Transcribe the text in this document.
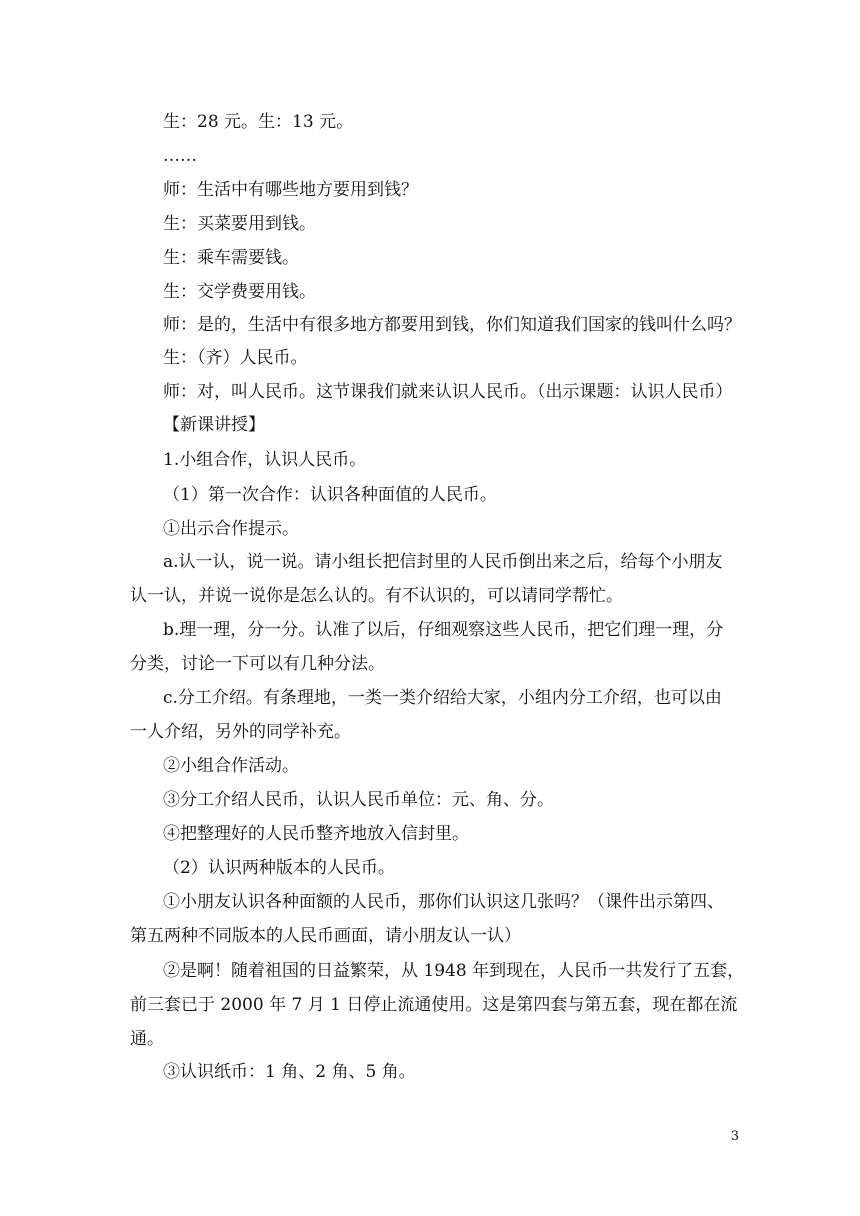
生：28 元。生：13 元。
……
师：生活中有哪些地方要用到钱？
生：买菜要用到钱。
生：乘车需要钱。
生：交学费要用钱。
师：是的，生活中有很多地方都要用到钱，你们知道我们国家的钱叫什么吗？
生：（齐）人民币。
师：对，叫人民币。这节课我们就来认识人民币。（出示课题：认识人民币）
【新课讲授】
1.小组合作，认识人民币。
（1）第一次合作：认识各种面值的人民币。
①出示合作提示。
a.认一认，说一说。请小组长把信封里的人民币倒出来之后，给每个小朋友
认一认，并说一说你是怎么认的。有不认识的，可以请同学帮忙。
b.理一理，分一分。认准了以后，仔细观察这些人民币，把它们理一理，分
分类，讨论一下可以有几种分法。
c.分工介绍。有条理地，一类一类介绍给大家，小组内分工介绍，也可以由
一人介绍，另外的同学补充。
②小组合作活动。
③分工介绍人民币，认识人民币单位：元、角、分。
④把整理好的人民币整齐地放入信封里。
（2）认识两种版本的人民币。
①小朋友认识各种面额的人民币，那你们认识这几张吗？（课件出示第四、
第五两种不同版本的人民币画面，请小朋友认一认）
②是啊！随着祖国的日益繁荣，从 1948 年到现在，人民币一共发行了五套，
前三套已于 2000 年 7 月 1 日停止流通使用。这是第四套与第五套，现在都在流
通。
③认识纸币：1 角、2 角、5 角。
3
